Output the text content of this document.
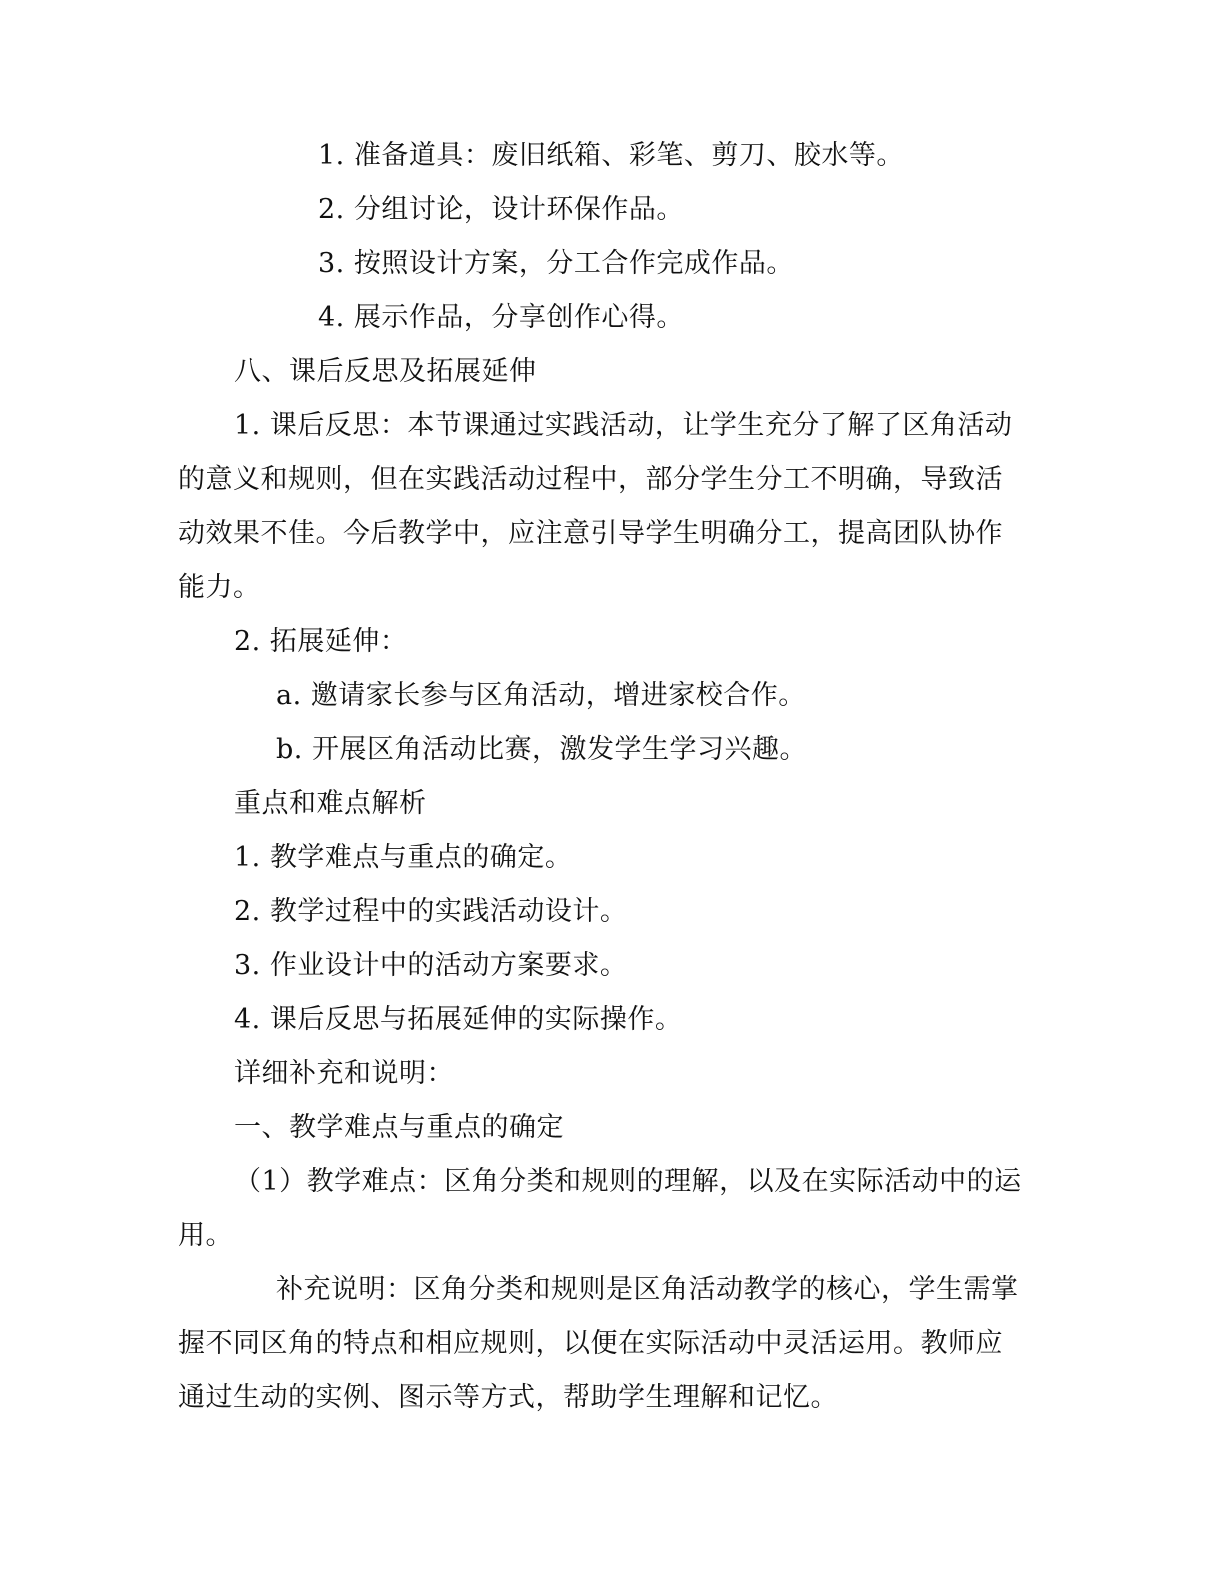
1. 准备道具：废旧纸箱、彩笔、剪刀、胶水等。
2. 分组讨论，设计环保作品。
3. 按照设计方案，分工合作完成作品。
4. 展示作品，分享创作心得。
八、课后反思及拓展延伸
1. 课后反思：本节课通过实践活动，让学生充分了解了区角活动
的意义和规则，但在实践活动过程中，部分学生分工不明确，导致活
动效果不佳。今后教学中，应注意引导学生明确分工，提高团队协作
能力。
2. 拓展延伸：
a. 邀请家长参与区角活动，增进家校合作。
b. 开展区角活动比赛，激发学生学习兴趣。
重点和难点解析
1. 教学难点与重点的确定。
2. 教学过程中的实践活动设计。
3. 作业设计中的活动方案要求。
4. 课后反思与拓展延伸的实际操作。
详细补充和说明：
一、教学难点与重点的确定
（1）教学难点：区角分类和规则的理解，以及在实际活动中的运
用。
补充说明：区角分类和规则是区角活动教学的核心，学生需掌
握不同区角的特点和相应规则，以便在实际活动中灵活运用。教师应
通过生动的实例、图示等方式，帮助学生理解和记忆。
